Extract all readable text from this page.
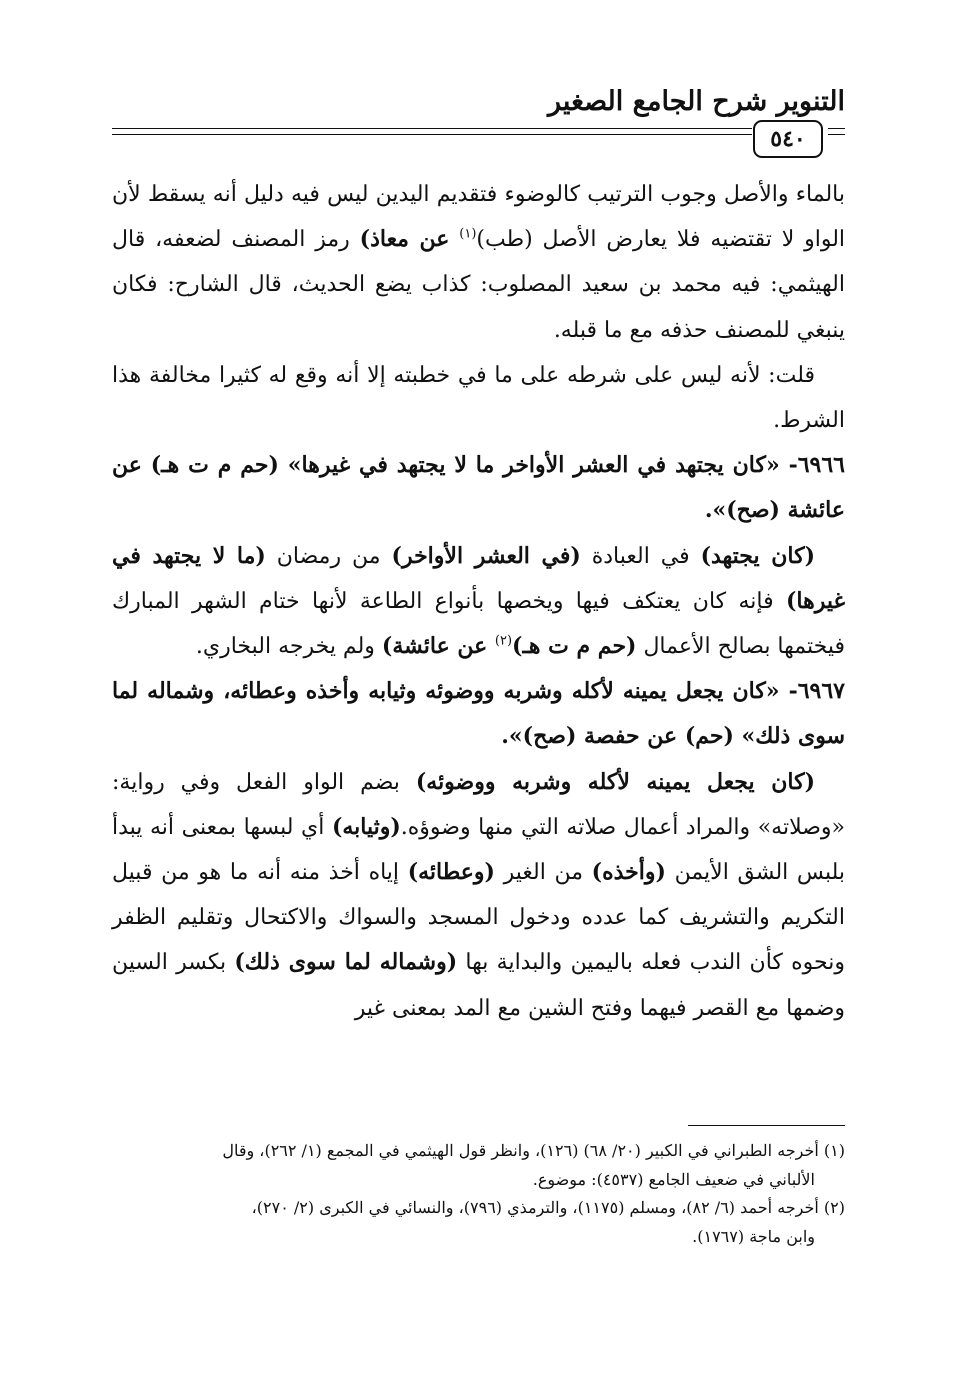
التنوير شرح الجامع الصغير
٥٤٠

بالماء والأصل وجوب الترتيب كالوضوء فتقديم اليدين ليس فيه دليل أنه يسقط لأن الواو لا تقتضيه فلا يعارض الأصل (طب)$^{(١)}$ عن معاذ) رمز المصنف لضعفه، قال الهيثمي: فيه محمد بن سعيد المصلوب: كذاب يضع الحديث، قال الشارح: فكان ينبغي للمصنف حذفه مع ما قبله.

قلت: لأنه ليس على شرطه على ما في خطبته إلا أنه وقع له كثيرا مخالفة هذا الشرط.

٦٩٦٦- «كان يجتهد في العشر الأواخر ما لا يجتهد في غيرها» (حم م ت هـ) عن عائشة (صح)».

(كان يجتهد) في العبادة (في العشر الأواخر) من رمضان (ما لا يجتهد في غيرها) فإنه كان يعتكف فيها ويخصها بأنواع الطاعة لأنها ختام الشهر المبارك فيختمها بصالح الأعمال (حم م ت هـ)$^{(٢)}$ عن عائشة) ولم يخرجه البخاري.

٦٩٦٧- «كان يجعل يمينه لأكله وشربه ووضوئه وثيابه وأخذه وعطائه، وشماله لما سوى ذلك» (حم) عن حفصة (صح)».

(كان يجعل يمينه لأكله وشربه ووضوئه) بضم الواو الفعل وفي رواية: «وصلاته» والمراد أعمال صلاته التي منها وضوؤه.(وثيابه) أي لبسها بمعنى أنه يبدأ بلبس الشق الأيمن (وأخذه) من الغير (وعطائه) إياه أخذ منه أنه ما هو من قبيل التكريم والتشريف كما عدده ودخول المسجد والسواك والاكتحال وتقليم الظفر ونحوه كأن الندب فعله باليمين والبداية بها (وشماله لما سوى ذلك) بكسر السين وضمها مع القصر فيهما وفتح الشين مع المد بمعنى غير

(١) أخرجه الطبراني في الكبير (٢٠/ ٦٨) (١٢٦)، وانظر قول الهيثمي في المجمع (١/ ٢٦٢)، وقال

الألباني في ضعيف الجامع (٤٥٣٧): موضوع.

(٢) أخرجه أحمد (٦/ ٨٢)، ومسلم (١١٧٥)، والترمذي (٧٩٦)، والنسائي في الكبرى (٢/ ٢٧٠)،

وابن ماجة (١٧٦٧).
